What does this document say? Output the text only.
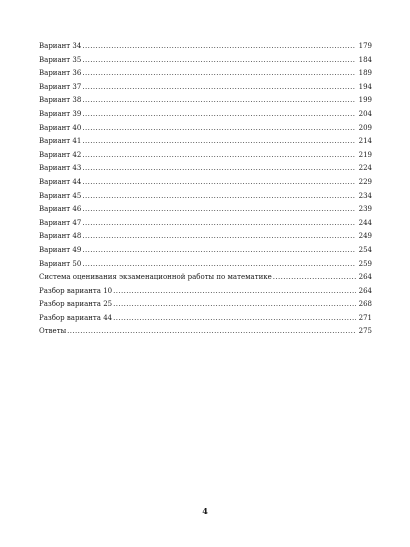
Вариант 34 .....	179
Вариант 35 .....	184
Вариант 36 .....	189
Вариант 37 .....	194
Вариант 38 .....	199
Вариант 39 .....	204
Вариант 40 .....	209
Вариант 41 .....	214
Вариант 42 .....	219
Вариант 43 .....	224
Вариант 44 .....	229
Вариант 45 .....	234
Вариант 46 .....	239
Вариант 47 .....	244
Вариант 48 .....	249
Вариант 49 .....	254
Вариант 50 .....	259
Система оценивания экзаменационной работы по математике .....	264
Разбор варианта 10 .....	264
Разбор варианта 25 .....	268
Разбор варианта 44 .....	271
Ответы .....	275
4
